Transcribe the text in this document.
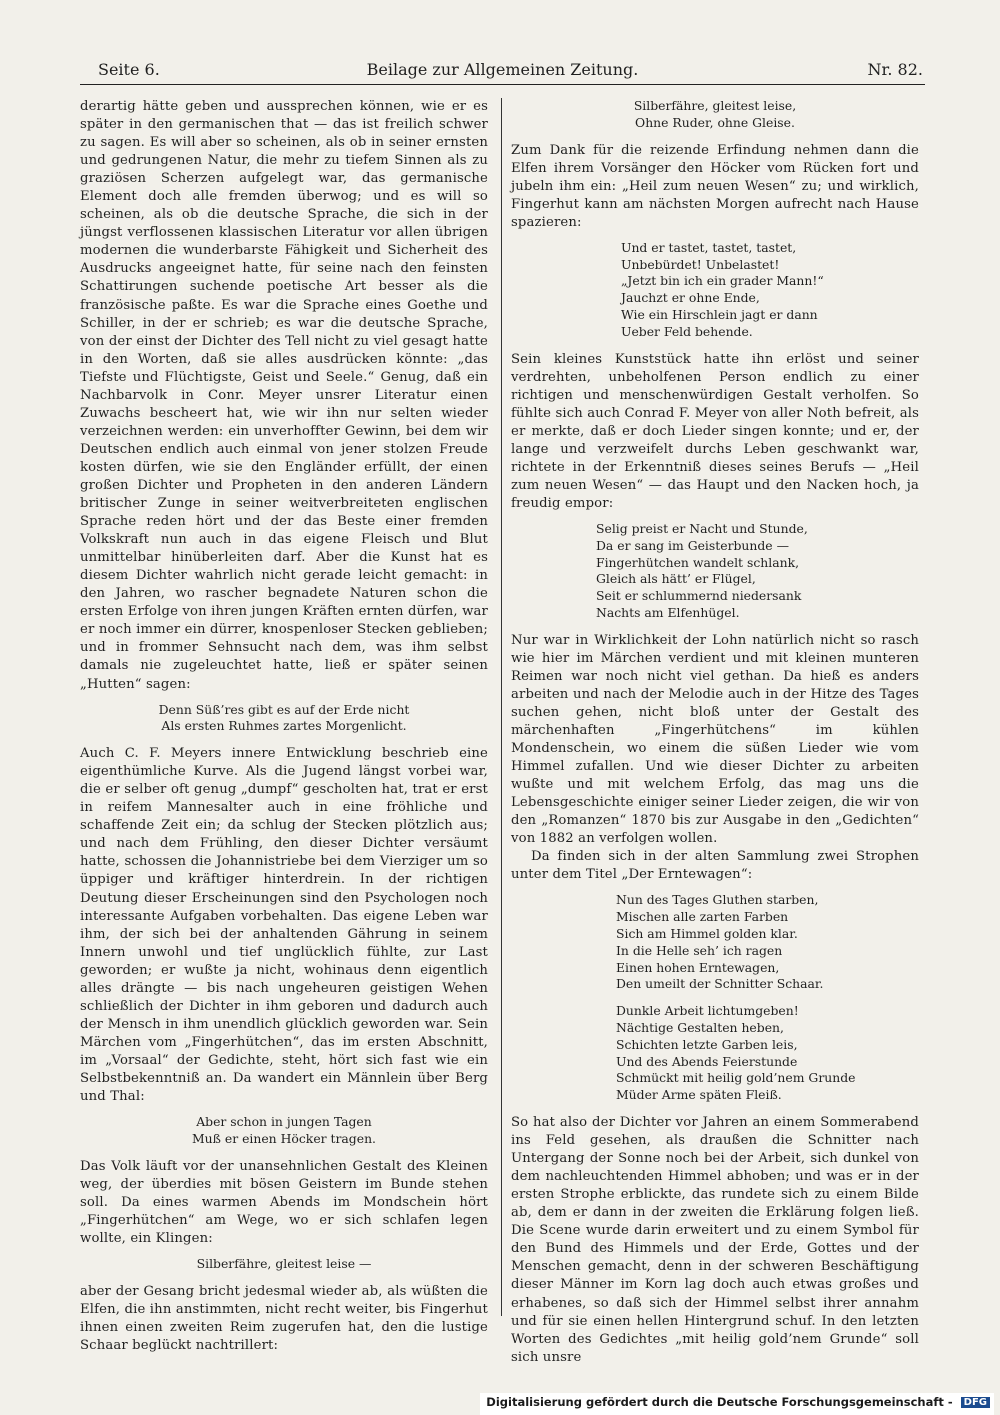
Seite 6.	Beilage zur Allgemeinen Zeitung.	Nr. 82.

derartig hätte geben und aussprechen können, wie er es später in den germanischen that — das ist freilich schwer zu sagen. Es will aber so scheinen, als ob in seiner ernsten und gedrungenen Natur, die mehr zu tiefem Sinnen als zu graziösen Scherzen aufgelegt war, das germanische Element doch alle fremden überwog; und es will so scheinen, als ob die deutsche Sprache, die sich in der jüngst verflossenen klassischen Literatur vor allen übrigen modernen die wunderbarste Fähigkeit und Sicherheit des Ausdrucks angeeignet hatte, für seine nach den feinsten Schattirungen suchende poetische Art besser als die französische paßte. Es war die Sprache eines Goethe und Schiller, in der er schrieb; es war die deutsche Sprache, von der einst der Dichter des Tell nicht zu viel gesagt hatte in den Worten, daß sie alles ausdrücken könnte: „das Tiefste und Flüchtigste, Geist und Seele.“ Genug, daß ein Nachbarvolk in Conr. Meyer unsrer Literatur einen Zuwachs bescheert hat, wie wir ihn nur selten wieder verzeichnen werden: ein unverhoffter Gewinn, bei dem wir Deutschen endlich auch einmal von jener stolzen Freude kosten dürfen, wie sie den Engländer erfüllt, der einen großen Dichter und Propheten in den anderen Ländern britischer Zunge in seiner weitverbreiteten englischen Sprache reden hört und der das Beste einer fremden Volkskraft nun auch in das eigene Fleisch und Blut unmittelbar hinüberleiten darf. Aber die Kunst hat es diesem Dichter wahrlich nicht gerade leicht gemacht: in den Jahren, wo rascher begnadete Naturen schon die ersten Erfolge von ihren jungen Kräften ernten dürfen, war er noch immer ein dürrer, knospenloser Stecken geblieben; und in frommer Sehnsucht nach dem, was ihm selbst damals nie zugeleuchtet hatte, ließ er später seinen „Hutten“ sagen:

Denn Süß’res gibt es auf der Erde nicht
Als ersten Ruhmes zartes Morgenlicht.

Auch C. F. Meyers innere Entwicklung beschrieb eine eigenthümliche Kurve. Als die Jugend längst vorbei war, die er selber oft genug „dumpf“ gescholten hat, trat er erst in reifem Mannesalter auch in eine fröhliche und schaffende Zeit ein; da schlug der Stecken plötzlich aus; und nach dem Frühling, den dieser Dichter versäumt hatte, schossen die Johannistriebe bei dem Vierziger um so üppiger und kräftiger hinterdrein. In der richtigen Deutung dieser Erscheinungen sind den Psychologen noch interessante Aufgaben vorbehalten. Das eigene Leben war ihm, der sich bei der anhaltenden Gährung in seinem Innern unwohl und tief unglücklich fühlte, zur Last geworden; er wußte ja nicht, wohinaus denn eigentlich alles drängte — bis nach ungeheuren geistigen Wehen schließlich der Dichter in ihm geboren und dadurch auch der Mensch in ihm unendlich glücklich geworden war. Sein Märchen vom „Fingerhütchen“, das im ersten Abschnitt, im „Vorsaal“ der Gedichte, steht, hört sich fast wie ein Selbstbekenntniß an. Da wandert ein Männlein über Berg und Thal:

Aber schon in jungen Tagen
Muß er einen Höcker tragen.

Das Volk läuft vor der unansehnlichen Gestalt des Kleinen weg, der überdies mit bösen Geistern im Bunde stehen soll. Da eines warmen Abends im Mondschein hört „Fingerhütchen“ am Wege, wo er sich schlafen legen wollte, ein Klingen:

Silberfähre, gleitest leise —

aber der Gesang bricht jedesmal wieder ab, als wüßten die Elfen, die ihn anstimmten, nicht recht weiter, bis Fingerhut ihnen einen zweiten Reim zugerufen hat, den die lustige Schaar beglückt nachtrillert:

Silberfähre, gleitest leise,
Ohne Ruder, ohne Gleise.

Zum Dank für die reizende Erfindung nehmen dann die Elfen ihrem Vorsänger den Höcker vom Rücken fort und jubeln ihm ein: „Heil zum neuen Wesen“ zu; und wirklich, Fingerhut kann am nächsten Morgen aufrecht nach Hause spazieren:

Und er tastet, tastet, tastet,
Unbebürdet! Unbelastet!
„Jetzt bin ich ein grader Mann!“
Jauchzt er ohne Ende,
Wie ein Hirschlein jagt er dann
Ueber Feld behende.

Sein kleines Kunststück hatte ihn erlöst und seiner verdrehten, unbeholfenen Person endlich zu einer richtigen und menschenwürdigen Gestalt verholfen. So fühlte sich auch Conrad F. Meyer von aller Noth befreit, als er merkte, daß er doch Lieder singen konnte; und er, der lange und verzweifelt durchs Leben geschwankt war, richtete in der Erkenntniß dieses seines Berufs — „Heil zum neuen Wesen“ — das Haupt und den Nacken hoch, ja freudig empor:

Selig preist er Nacht und Stunde,
Da er sang im Geisterbunde —
Fingerhütchen wandelt schlank,
Gleich als hätt’ er Flügel,
Seit er schlummernd niedersank
Nachts am Elfenhügel.

Nur war in Wirklichkeit der Lohn natürlich nicht so rasch wie hier im Märchen verdient und mit kleinen munteren Reimen war noch nicht viel gethan. Da hieß es anders arbeiten und nach der Melodie auch in der Hitze des Tages suchen gehen, nicht bloß unter der Gestalt des märchenhaften „Fingerhütchens“ im kühlen Mondenschein, wo einem die süßen Lieder wie vom Himmel zufallen. Und wie dieser Dichter zu arbeiten wußte und mit welchem Erfolg, das mag uns die Lebensgeschichte einiger seiner Lieder zeigen, die wir von den „Romanzen“ 1870 bis zur Ausgabe in den „Gedichten“ von 1882 an verfolgen wollen.

Da finden sich in der alten Sammlung zwei Strophen unter dem Titel „Der Erntewagen“:

Nun des Tages Gluthen starben,
Mischen alle zarten Farben
Sich am Himmel golden klar.
In die Helle seh’ ich ragen
Einen hohen Erntewagen,
Den umeilt der Schnitter Schaar.
Dunkle Arbeit lichtumgeben!
Nächtige Gestalten heben,
Schichten letzte Garben leis,
Und des Abends Feierstunde
Schmückt mit heilig gold’nem Grunde
Müder Arme späten Fleiß.

So hat also der Dichter vor Jahren an einem Sommerabend ins Feld gesehen, als draußen die Schnitter nach Untergang der Sonne noch bei der Arbeit, sich dunkel von dem nachleuchtenden Himmel abhoben; und was er in der ersten Strophe erblickte, das rundete sich zu einem Bilde ab, dem er dann in der zweiten die Erklärung folgen ließ. Die Scene wurde darin erweitert und zu einem Symbol für den Bund des Himmels und der Erde, Gottes und der Menschen gemacht, denn in der schweren Beschäftigung dieser Männer im Korn lag doch auch etwas großes und erhabenes, so daß sich der Himmel selbst ihrer annahm und für sie einen hellen Hintergrund schuf. In den letzten Worten des Gedichtes „mit heilig gold’nem Grunde“ soll sich unsre

Digitalisierung gefördert durch die Deutsche Forschungsgemeinschaft - DFG
